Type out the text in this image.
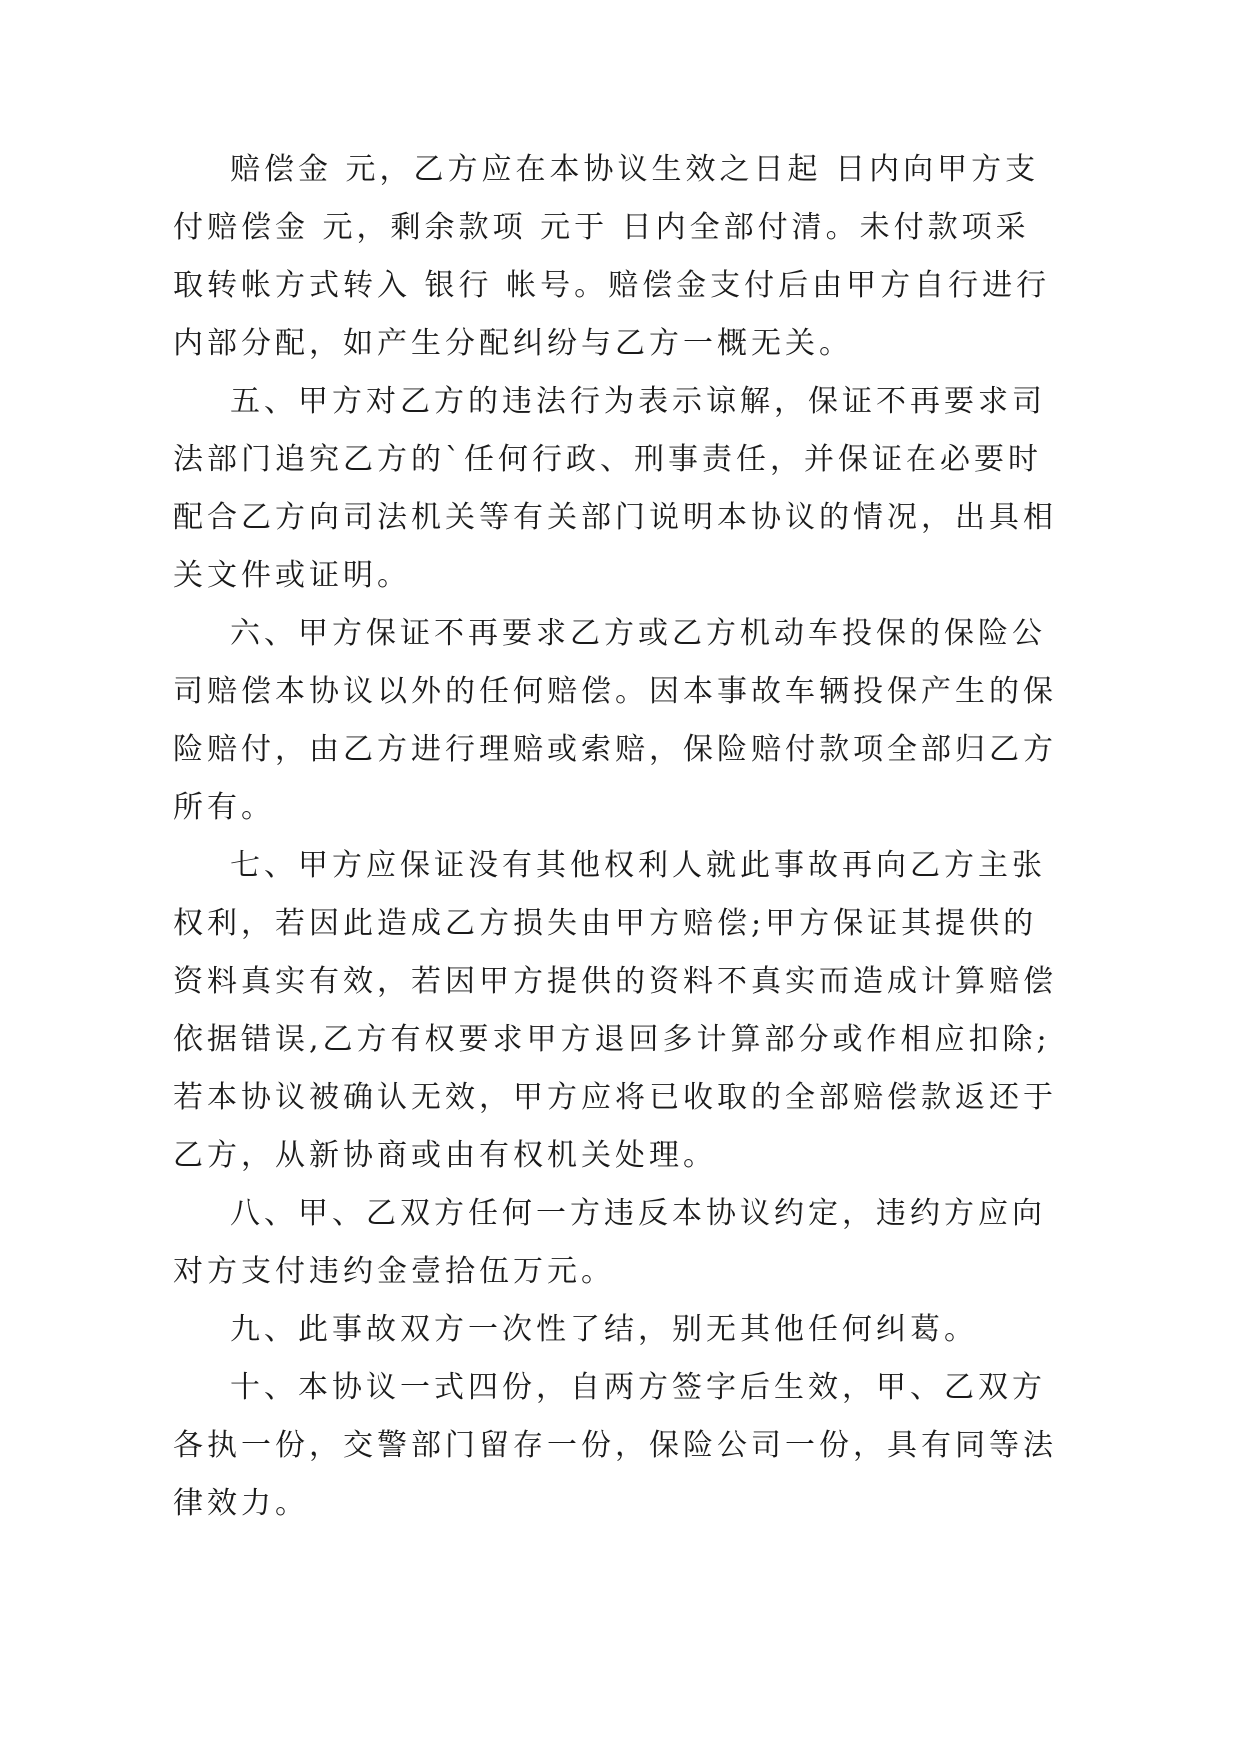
赔偿金 元，乙方应在本协议生效之日起 日内向甲方支
付赔偿金 元，剩余款项 元于 日内全部付清。未付款项采
取转帐方式转入 银行 帐号。赔偿金支付后由甲方自行进行
内部分配，如产生分配纠纷与乙方一概无关。
五、甲方对乙方的违法行为表示谅解，保证不再要求司
法部门追究乙方的`任何行政、刑事责任，并保证在必要时
配合乙方向司法机关等有关部门说明本协议的情况，出具相
关文件或证明。
六、甲方保证不再要求乙方或乙方机动车投保的保险公
司赔偿本协议以外的任何赔偿。因本事故车辆投保产生的保
险赔付，由乙方进行理赔或索赔，保险赔付款项全部归乙方
所有。
七、甲方应保证没有其他权利人就此事故再向乙方主张
权利，若因此造成乙方损失由甲方赔偿;甲方保证其提供的
资料真实有效，若因甲方提供的资料不真实而造成计算赔偿
依据错误,乙方有权要求甲方退回多计算部分或作相应扣除;
若本协议被确认无效，甲方应将已收取的全部赔偿款返还于
乙方，从新协商或由有权机关处理。
八、甲、乙双方任何一方违反本协议约定，违约方应向
对方支付违约金壹拾伍万元。
九、此事故双方一次性了结，别无其他任何纠葛。
十、本协议一式四份，自两方签字后生效，甲、乙双方
各执一份，交警部门留存一份，保险公司一份，具有同等法
律效力。
